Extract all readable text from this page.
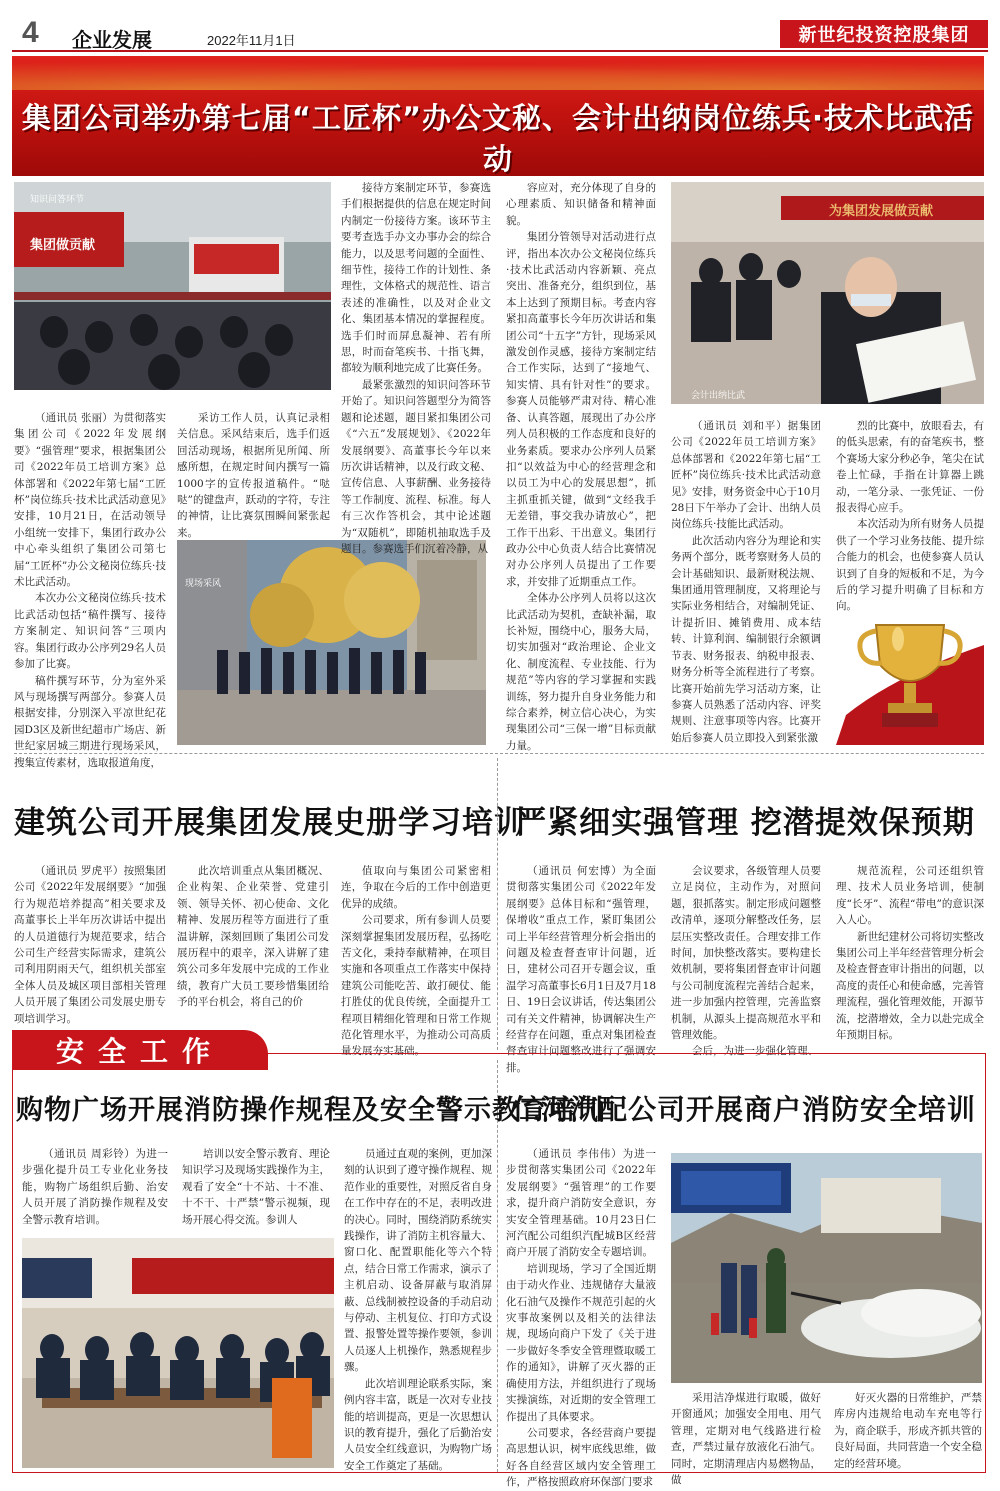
4 企业发展	2022年11月1日	新世纪投资控股集团
集团公司举办第七届“工匠杯”办公文秘、会计出纳岗位练兵·技术比武活动
知识问答环节
集团做贡献

（通讯员 张丽）为贯彻落实集团公司《2022年发展纲要》“强管理”要求，根据集团公司《2022年员工培训方案》总体部署和《2022年第七届“工匠杯”岗位练兵·技术比武活动意见》安排，10月21日，在活动领导小组统一安排下，集团行政办公中心牵头组织了集团公司第七届“工匠杯”办公文秘岗位练兵·技术比武活动。

本次办公文秘岗位练兵·技术比武活动包括“稿件撰写、接待方案制定、知识问答”三项内容。集团行政办公序列29名人员参加了比赛。

稿件撰写环节，分为室外采风与现场撰写两部分。参赛人员根据安排，分别深入平凉世纪花园D3区及新世纪超市广场店、新世纪家居城三期进行现场采风，搜集宣传素材，选取报道角度，

采访工作人员，认真记录相关信息。采风结束后，选手们返回活动现场，根据所见所闻、所感所想，在规定时间内撰写一篇1000字的宣传报道稿件。“哒哒”的键盘声，跃动的字符，专注的神情，让比赛氛围瞬间紧张起来。

现场采风

接待方案制定环节，参赛选手们根据提供的信息在规定时间内制定一份接待方案。该环节主要考查选手办文办事办会的综合能力，以及思考问题的全面性、细节性，接待工作的计划性、条理性，文体格式的规范性、语言表述的准确性，以及对企业文化、集团基本情况的掌握程度。选手们时而屏息凝神、若有所思，时而奋笔疾书、十指飞舞，都较为顺利地完成了比赛任务。

最紧张激烈的知识问答环节开始了。知识问答题型分为简答题和论述题，题目紧扣集团公司《“六五”发展规划》、《2022年发展纲要》、高董事长今年以来历次讲话精神，以及行政文秘、宣传信息、人事薪酬、业务接待等工作制度、流程、标准。每人有三次作答机会，其中论述题为“双随机”，即随机抽取选手及题目。参赛选手们沉着冷静，从

容应对，充分体现了自身的心理素质、知识储备和精神面貌。

集团分管领导对活动进行点评，指出本次办公文秘岗位练兵·技术比武活动内容新颖、亮点突出、准备充分，组织到位，基本上达到了预期目标。考查内容紧扣高董事长今年历次讲话和集团公司“十五字”方针，现场采风激发创作灵感，接待方案制定结合工作实际，达到了“接地气、知实情、具有针对性”的要求。参赛人员能够严肃对待、精心准备、认真答题，展现出了办公序列人员积极的工作态度和良好的业务素质。要求办公序列人员紧扣“以效益为中心的经营理念和以员工为中心的发展思想”，抓主抓重抓关键，做到“文经我手无差错，事交我办请放心”，把工作干出彩、干出意义。集团行政办公中心负责人结合比赛情况对办公序列人员提出了工作要求，并安排了近期重点工作。

全体办公序列人员将以这次比武活动为契机，查缺补漏，取长补短，围绕中心，服务大局，切实加强对“政治理论、企业文化、制度流程、专业技能、行为规范”等内容的学习掌握和实践训练，努力提升自身业务能力和综合素养，树立信心决心，为实现集团公司“三保一增”目标贡献力量。

为集团发展做贡献
会计出纳比武

（通讯员 刘和平）据集团公司《2022年员工培训方案》总体部署和《2022年第七届“工匠杯”岗位练兵·技术比武活动意见》安排，财务资金中心于10月28日下午举办了会计、出纳人员岗位练兵·技能比武活动。

此次活动内容分为理论和实务两个部分，既考察财务人员的会计基础知识、最新财税法规、集团通用管理制度，又将理论与实际业务相结合，对编制凭证、计提折旧、摊销费用、成本结转、计算利润、编制银行余额调节表、财务报表、纳税申报表、财务分析等全流程进行了考察。比赛开始前先学习活动方案，让参赛人员熟悉了活动内容、评奖规则、注意事项等内容。比赛开始后参赛人员立即投入到紧张激

烈的比赛中，放眼看去，有的低头思索，有的奋笔疾书，整个赛场大家分秒必争，笔尖在试卷上忙碌，手指在计算器上跳动，一笔分录、一张凭证、一份报表得心应手。

本次活动为所有财务人员提供了一个学习业务技能、提升综合能力的机会，也使参赛人员认识到了自身的短板和不足，为今后的学习提升明确了目标和方向。

建筑公司开展集团发展史册学习培训

（通讯员 罗虎平）按照集团公司《2022年发展纲要》“加强行为规范培养提高”相关要求及高董事长上半年历次讲话中提出的人员道德行为规范要求，结合公司生产经营实际需求，建筑公司利用阴雨天气，组织机关部室全体人员及城区项目部相关管理人员开展了集团公司发展史册专项培训学习。

此次培训重点从集团概况、企业构架、企业荣誉、党建引领、领导关怀、初心使命、文化精神、发展历程等方面进行了重温讲解，深刻回顾了集团公司发展历程中的艰辛，深入讲解了建筑公司多年发展中完成的工作业绩，教育广大员工要珍惜集团给予的平台机会，将自己的价

值取向与集团公司紧密相连，争取在今后的工作中创造更优异的成绩。

公司要求，所有参训人员要深刻掌握集团发展历程，弘扬吃苦文化，秉持奉献精神，在项目实施和各项重点工作落实中保持建筑公司能吃苦、敢打硬仗、能打胜仗的优良传统，全面提升工程项目精细化管理和日常工作规范化管理水平，为推动公司高质量发展夯实基础。

严紧细实强管理 挖潜提效保预期

（通讯员 何宏博）为全面贯彻落实集团公司《2022年发展纲要》总体目标和“强管理，保增收”重点工作，紧盯集团公司上半年经营管理分析会指出的问题及检查督查审计问题，近日，建材公司召开专题会议，重温学习高董事长6月1日及7月18日、19日会议讲话，传达集团公司有关文件精神，协调解决生产经营存在问题，重点对集团检查督查审计问题整改进行了强调安排。

会议要求，各级管理人员要立足岗位，主动作为，对照问题，狠抓落实。制定形成问题整改清单，逐项分解整改任务，层层压实整改责任。合理安排工作时间，加快整改落实。要构建长效机制，要将集团督查审计问题与公司制度流程完善结合起来，进一步加强内控管理，完善监察机制，从源头上提高规范水平和管理效能。

会后，为进一步强化管理、

规范流程，公司还组织管理、技术人员业务培训，使制度“长牙”、流程“带电”的意识深入人心。

新世纪建材公司将切实整改集团公司上半年经营管理分析会及检查督查审计指出的问题，以高度的责任心和使命感，完善管理流程，强化管理效能，开源节流，挖潜增效，全力以赴完成全年预期目标。

安全工作
购物广场开展消防操作规程及安全警示教育培训

（通讯员 周彩铃）为进一步强化提升员工专业化业务技能，购物广场组织后勤、治安人员开展了消防操作规程及安全警示教育培训。

培训以安全警示教育、理论知识学习及现场实践操作为主，观看了安全“十不站、十不准、十不干、十严禁”警示视频，现场开展心得交流。参训人

员通过直观的案例，更加深刻的认识到了遵守操作规程、规范作业的重要性，对照反省自身在工作中存在的不足，表明改进的决心。同时，围绕消防系统实践操作，讲了消防主机容量大、窗口化、配置职能化等六个特点，结合日常工作需求，演示了主机启动、设备屏蔽与取消屏蔽、总线制被控设备的手动启动与停动、主机复位、打印方式设置、报警处置等操作要领，参训人员逐人上机操作，熟悉规程步骤。

此次培训理论联系实际，案例内容丰富，既是一次对专业技能的培训提高，更是一次思想认识的教育提升，强化了后勤治安人员安全红线意识，为购物广场安全工作奠定了基础。

仁河汽配公司开展商户消防安全培训

（通讯员 李伟伟）为进一步贯彻落实集团公司《2022年发展纲要》“强管理”的工作要求，提升商户消防安全意识，夯实安全管理基础。10月23日仁河汽配公司组织汽配城B区经营商户开展了消防安全专题培训。

培训现场，学习了全国近期由于动火作业、违规储存大量液化石油气及操作不规范引起的火灾事故案例以及相关的法律法规，现场向商户下发了《关于进一步做好冬季安全管理暨取暖工作的通知》，讲解了灭火器的正确使用方法，并组织进行了现场实操演练，对近期的安全管理工作提出了具体要求。

公司要求，各经营商户要提高思想认识，树牢底线思维，做好各自经营区域内安全管理工作，严格按照政府环保部门要求

采用洁净煤进行取暖，做好开窗通风；加强安全用电、用气管理，定期对电气线路进行检查，严禁过量存放液化石油气。同时，定期清理店内易燃物品，做

好灭火器的日常维护，严禁库房内违规给电动车充电等行为，商企联手，形成齐抓共管的良好局面，共同营造一个安全稳定的经营环境。
